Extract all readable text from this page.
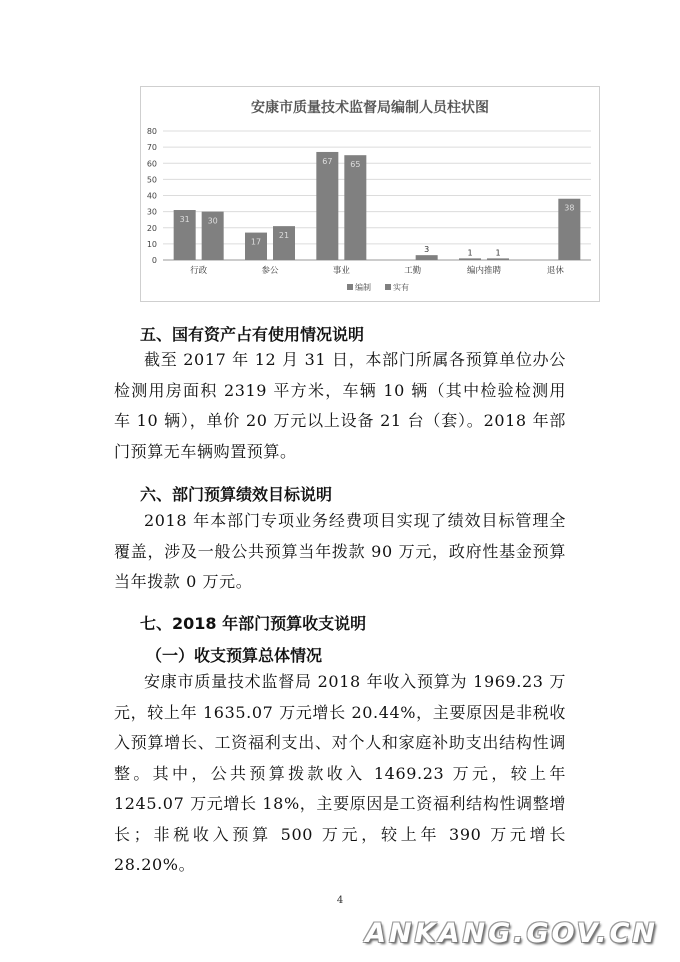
安康市质量技术监督局编制人员柱状图
0
10
20
30
40
50
60
70
80
31 30
行政
17
21
参公
67 65
事业
3
工勤
1	1
编内推聘
38
退休
编制	实有
五、国有资产占有使用情况说明

截至 2017 年 12 月 31 日，本部门所属各预算单位办公检测用房面积 2319 平方米，车辆 10 辆（其中检验检测用车 10 辆），单价 20 万元以上设备 21 台（套）。2018 年部门预算无车辆购置预算。

六、部门预算绩效目标说明

2018 年本部门专项业务经费项目实现了绩效目标管理全覆盖，涉及一般公共预算当年拨款 90 万元，政府性基金预算当年拨款 0 万元。

七、2018 年部门预算收支说明
（一）收支预算总体情况

安康市质量技术监督局 2018 年收入预算为 1969.23 万元，较上年 1635.07 万元增长 20.44%，主要原因是非税收入预算增长、工资福利支出、对个人和家庭补助支出结构性调整。其中，公共预算拨款收入 1469.23 万元，较上年 1245.07 万元增长 18%，主要原因是工资福利结构性调整增长；非税收入预算 500 万元，较上年 390 万元增长 28.20%。

4
ANKANG.GOV.CN
